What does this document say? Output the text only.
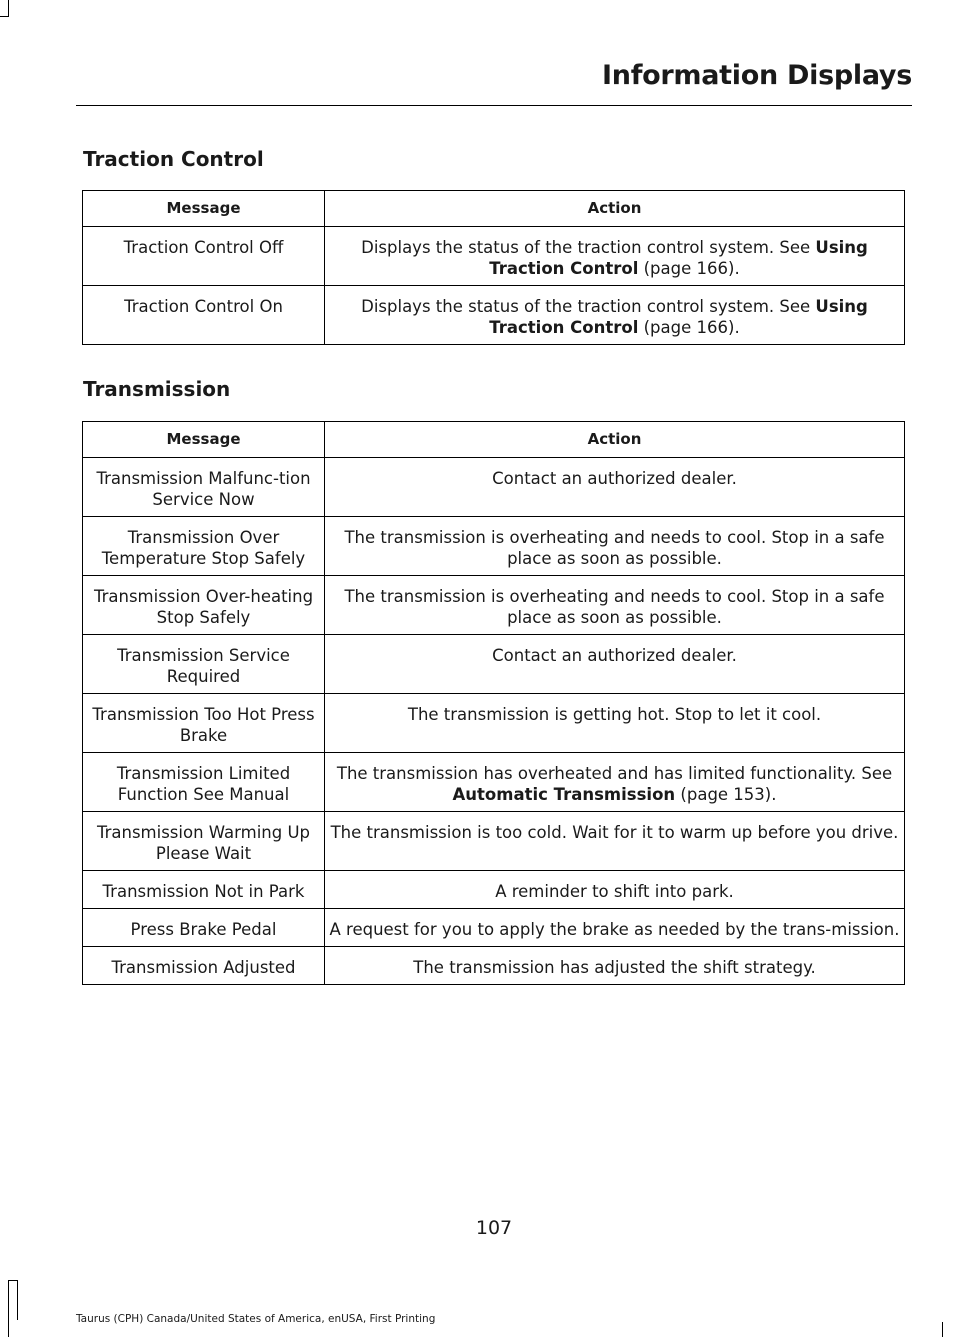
Information Displays
Traction Control
Message	Action
Traction Control Off	Displays the status of the traction control system. See Using Traction Control (page 166).
Traction Control On	Displays the status of the traction control system. See Using Traction Control (page 166).
Transmission
Message	Action
Transmission Malfunc-tion Service Now	Contact an authorized dealer.
Transmission Over Temperature Stop Safely	The transmission is overheating and needs to cool. Stop in a safe place as soon as possible.
Transmission Over-heating Stop Safely	The transmission is overheating and needs to cool. Stop in a safe place as soon as possible.
Transmission Service Required	Contact an authorized dealer.
Transmission Too Hot Press Brake	The transmission is getting hot. Stop to let it cool.
Transmission Limited Function See Manual	The transmission has overheated and has limited functionality. See Automatic Transmission (page 153).
Transmission Warming Up Please Wait	The transmission is too cold. Wait for it to warm up before you drive.
Transmission Not in Park	A reminder to shift into park.
Press Brake Pedal	A request for you to apply the brake as needed by the trans-mission.
Transmission Adjusted	The transmission has adjusted the shift strategy.
107
Taurus (CPH) Canada/United States of America, enUSA, First Printing
